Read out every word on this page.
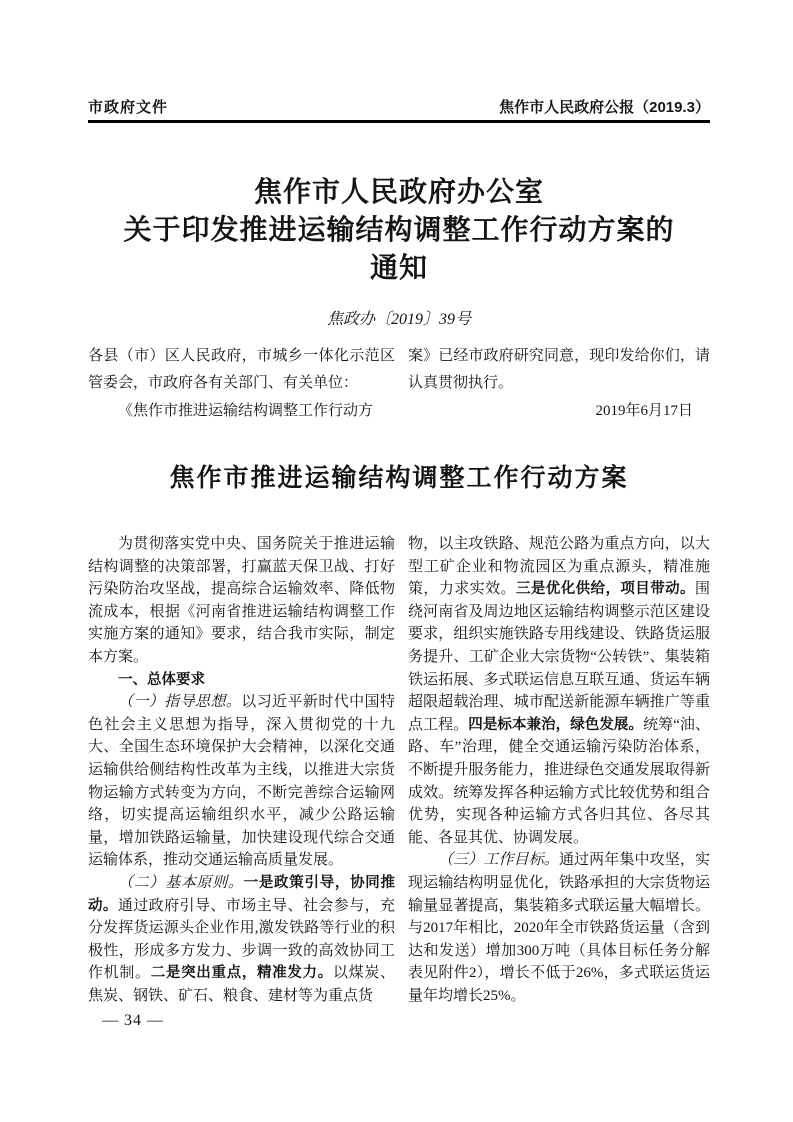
市政府文件	焦作市人民政府公报（2019.3）
焦作市人民政府办公室
关于印发推进运输结构调整工作行动方案的
通知
焦政办〔2019〕39号
各县（市）区人民政府，市城乡一体化示范区管委会，市政府各有关部门、有关单位：
《焦作市推进运输结构调整工作行动方
案》已经市政府研究同意，现印发给你们，请认真贯彻执行。
2019年6月17日
焦作市推进运输结构调整工作行动方案
为贯彻落实党中央、国务院关于推进运输结构调整的决策部署，打赢蓝天保卫战、打好污染防治攻坚战，提高综合运输效率、降低物流成本，根据《河南省推进运输结构调整工作实施方案的通知》要求，结合我市实际，制定本方案。
一、总体要求
（一）指导思想。以习近平新时代中国特色社会主义思想为指导，深入贯彻党的十九大、全国生态环境保护大会精神，以深化交通运输供给侧结构性改革为主线，以推进大宗货物运输方式转变为方向，不断完善综合运输网络，切实提高运输组织水平，减少公路运输量，增加铁路运输量，加快建设现代综合交通运输体系，推动交通运输高质量发展。
（二）基本原则。一是政策引导，协同推动。通过政府引导、市场主导、社会参与，充分发挥货运源头企业作用,激发铁路等行业的积极性，形成多方发力、步调一致的高效协同工作机制。二是突出重点，精准发力。以煤炭、焦炭、钢铁、矿石、粮食、建材等为重点货
物，以主攻铁路、规范公路为重点方向，以大型工矿企业和物流园区为重点源头，精准施策，力求实效。三是优化供给，项目带动。围绕河南省及周边地区运输结构调整示范区建设要求，组织实施铁路专用线建设、铁路货运服务提升、工矿企业大宗货物“公转铁”、集装箱铁运拓展、多式联运信息互联互通、货运车辆超限超载治理、城市配送新能源车辆推广等重点工程。四是标本兼治，绿色发展。统筹“油、路、车”治理，健全交通运输污染防治体系，不断提升服务能力，推进绿色交通发展取得新成效。统筹发挥各种运输方式比较优势和组合优势，实现各种运输方式各归其位、各尽其能、各显其优、协调发展。
（三）工作目标。通过两年集中攻坚，实现运输结构明显优化，铁路承担的大宗货物运输量显著提高，集装箱多式联运量大幅增长。与2017年相比，2020年全市铁路货运量（含到达和发送）增加300万吨（具体目标任务分解表见附件2），增长不低于26%，多式联运货运量年均增长25%。
— 34 —
